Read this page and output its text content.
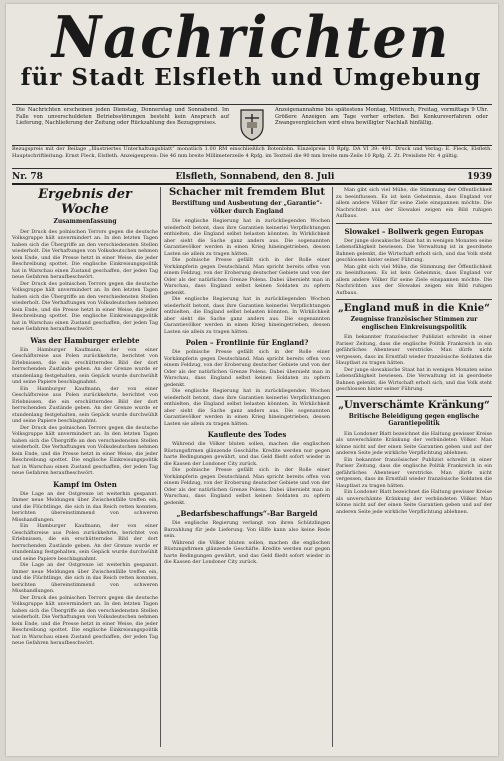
Nachrichten
für Stadt Elsfleth und Umgebung
Die Nachrichten erscheinen jeden Dienstag, Donnerstag und Sonnabend. Im Falle von unverschuldeten Betriebsstörungen besteht kein Anspruch auf Lieferung, Nachlieferung der Zeitung oder Rückzahlung des Bezugspreises.
Anzeigenannahme bis spätestens Montag, Mittwoch, Freitag, vormittags 9 Uhr. Größere Anzeigen am Tage vorher erbeten. Bei Konkursverfahren oder Zwangsvergleichen wird etwa bewilligter Nachlaß hinfällig.
Bezugspreis mit der Beilage „Illustriertes Unterhaltungsblatt“ monatlich 1.00 RM einschließlich Botenlohn. Einzelpreis 10 Rpfg. DA VI 39: 491. Druck und Verlag: E. Fleck, Elsfleth. Hauptschriftleitung: Ernst Fleck, Elsfleth. Anzeigenpreis: Die 46 mm breite Millimeterzeile 4 Rpfg. im Textteil die 90 mm breite mm-Zeile 10 Rpfg. Z. Zt. Preisliste Nr. 4 gültig.
Nr. 78	Elsfleth, Sonnabend, den 8. Juli	1939
Ergebnis der Woche
Zusammenfassung

Der Druck des polnischen Terrors gegen die deutsche Volksgruppe hält unvermindert an. In den letzten Tagen haben sich die Übergriffe an den verschiedensten Stellen wiederholt. Die Verhaftungen von Volksdeutschen nehmen kein Ende, und die Presse hetzt in einer Weise, die jeder Beschreibung spottet. Die englische Einkreisungspolitik hat in Warschau einen Zustand geschaffen, der jeden Tag neue Gefahren heraufbeschwört.

Der Druck des polnischen Terrors gegen die deutsche Volksgruppe hält unvermindert an. In den letzten Tagen haben sich die Übergriffe an den verschiedensten Stellen wiederholt. Die Verhaftungen von Volksdeutschen nehmen kein Ende, und die Presse hetzt in einer Weise, die jeder Beschreibung spottet. Die englische Einkreisungspolitik hat in Warschau einen Zustand geschaffen, der jeden Tag neue Gefahren heraufbeschwört.

Was der Hamburger erlebte

Ein Hamburger Kaufmann, der von einer Geschäftsreise aus Polen zurückkehrte, berichtet von Erlebnissen, die ein erschütterndes Bild der dort herrschenden Zustände geben. An der Grenze wurde er stundenlang festgehalten, sein Gepäck wurde durchwühlt und seine Papiere beschlagnahmt.

Ein Hamburger Kaufmann, der von einer Geschäftsreise aus Polen zurückkehrte, berichtet von Erlebnissen, die ein erschütterndes Bild der dort herrschenden Zustände geben. An der Grenze wurde er stundenlang festgehalten, sein Gepäck wurde durchwühlt und seine Papiere beschlagnahmt.

Der Druck des polnischen Terrors gegen die deutsche Volksgruppe hält unvermindert an. In den letzten Tagen haben sich die Übergriffe an den verschiedensten Stellen wiederholt. Die Verhaftungen von Volksdeutschen nehmen kein Ende, und die Presse hetzt in einer Weise, die jeder Beschreibung spottet. Die englische Einkreisungspolitik hat in Warschau einen Zustand geschaffen, der jeden Tag neue Gefahren heraufbeschwört.

Kampf im Osten

Die Lage an der Ostgrenze ist weiterhin gespannt. Immer neue Meldungen über Zwischenfälle treffen ein, und die Flüchtlinge, die sich in das Reich retten konnten, berichten übereinstimmend von schweren Misshandlungen.

Ein Hamburger Kaufmann, der von einer Geschäftsreise aus Polen zurückkehrte, berichtet von Erlebnissen, die ein erschütterndes Bild der dort herrschenden Zustände geben. An der Grenze wurde er stundenlang festgehalten, sein Gepäck wurde durchwühlt und seine Papiere beschlagnahmt.

Die Lage an der Ostgrenze ist weiterhin gespannt. Immer neue Meldungen über Zwischenfälle treffen ein, und die Flüchtlinge, die sich in das Reich retten konnten, berichten übereinstimmend von schweren Misshandlungen.

Der Druck des polnischen Terrors gegen die deutsche Volksgruppe hält unvermindert an. In den letzten Tagen haben sich die Übergriffe an den verschiedensten Stellen wiederholt. Die Verhaftungen von Volksdeutschen nehmen kein Ende, und die Presse hetzt in einer Weise, die jeder Beschreibung spottet. Die englische Einkreisungspolitik hat in Warschau einen Zustand geschaffen, der jeden Tag neue Gefahren heraufbeschwört.

Schacher mit fremdem Blut
Berstiftung und Ausbeutung der „Garantie“-völker durch England

Die englische Regierung hat in zurückliegenden Wochen wiederholt betont, dass ihre Garantien keinerlei Verpflichtungen enthielten, die England selbst belasten könnten. In Wirklichkeit aber sieht die Sache ganz anders aus. Die sogenannten Garantievölker werden in einen Krieg hineingetrieben, dessen Lasten sie allein zu tragen hätten.

Die polnische Presse gefällt sich in der Rolle einer Vorkämpferin gegen Deutschland. Man spricht bereits offen von einem Feldzug, von der Eroberung deutscher Gebiete und von der Oder als der natürlichen Grenze Polens. Dabei übersieht man in Warschau, dass England selbst keinen Soldaten zu opfern gedenkt.

Die englische Regierung hat in zurückliegenden Wochen wiederholt betont, dass ihre Garantien keinerlei Verpflichtungen enthielten, die England selbst belasten könnten. In Wirklichkeit aber sieht die Sache ganz anders aus. Die sogenannten Garantievölker werden in einen Krieg hineingetrieben, dessen Lasten sie allein zu tragen hätten.

Polen – Frontlinie für England?

Die polnische Presse gefällt sich in der Rolle einer Vorkämpferin gegen Deutschland. Man spricht bereits offen von einem Feldzug, von der Eroberung deutscher Gebiete und von der Oder als der natürlichen Grenze Polens. Dabei übersieht man in Warschau, dass England selbst keinen Soldaten zu opfern gedenkt.

Die englische Regierung hat in zurückliegenden Wochen wiederholt betont, dass ihre Garantien keinerlei Verpflichtungen enthielten, die England selbst belasten könnten. In Wirklichkeit aber sieht die Sache ganz anders aus. Die sogenannten Garantievölker werden in einen Krieg hineingetrieben, dessen Lasten sie allein zu tragen hätten.

Kaufleute des Todes

Während die Völker bluten sollen, machen die englischen Rüstungsfirmen glänzende Geschäfte. Kredite werden nur gegen harte Bedingungen gewährt, und das Geld fließt sofort wieder in die Kassen der Londoner City zurück.

Die polnische Presse gefällt sich in der Rolle einer Vorkämpferin gegen Deutschland. Man spricht bereits offen von einem Feldzug, von der Eroberung deutscher Gebiete und von der Oder als der natürlichen Grenze Polens. Dabei übersieht man in Warschau, dass England selbst keinen Soldaten zu opfern gedenkt.

„Bedarfsbeschaffungs“-Bar Bargeld

Die englische Regierung verlangt von ihren Schützlingen Barzahlung für jede Lieferung. Von Hilfe kann also keine Rede sein.

Während die Völker bluten sollen, machen die englischen Rüstungsfirmen glänzende Geschäfte. Kredite werden nur gegen harte Bedingungen gewährt, und das Geld fließt sofort wieder in die Kassen der Londoner City zurück.

Man gibt sich viel Mühe, die Stimmung der Öffentlichkeit zu beeinflussen. Es ist kein Geheimnis, dass England vor allem andere Völker für seine Ziele einspannen möchte. Die Nachrichten aus der Slowakei zeigen ein Bild ruhigen Aufbaus.

Slowakei – Bollwerk gegen Europas

Der junge slowakische Staat hat in wenigen Monaten seine Lebensfähigkeit bewiesen. Die Verwaltung ist in geordnete Bahnen gelenkt, die Wirtschaft erholt sich, und das Volk steht geschlossen hinter seiner Führung.

Man gibt sich viel Mühe, die Stimmung der Öffentlichkeit zu beeinflussen. Es ist kein Geheimnis, dass England vor allem andere Völker für seine Ziele einspannen möchte. Die Nachrichten aus der Slowakei zeigen ein Bild ruhigen Aufbaus.

„England muß in die Knie“
Zeugnisse französischer Stimmen zur englischen Einkreisungspolitik

Ein bekannter französischer Publizist schreibt in einer Pariser Zeitung, dass die englische Politik Frankreich in ein gefährliches Abenteuer verstricke. Man dürfe nicht vergessen, dass im Ernstfall wieder französische Soldaten die Hauptlast zu tragen hätten.

Der junge slowakische Staat hat in wenigen Monaten seine Lebensfähigkeit bewiesen. Die Verwaltung ist in geordnete Bahnen gelenkt, die Wirtschaft erholt sich, und das Volk steht geschlossen hinter seiner Führung.

„Unverschämte Kränkung“
Britische Beleidigung gegen englische Garantiepolitik

Ein Londoner Blatt bezeichnet die Haltung gewisser Kreise als unverschämte Kränkung der verbündeten Völker. Man könne nicht auf der einen Seite Garantien geben und auf der anderen Seite jede wirkliche Verpflichtung ablehnen.

Ein bekannter französischer Publizist schreibt in einer Pariser Zeitung, dass die englische Politik Frankreich in ein gefährliches Abenteuer verstricke. Man dürfe nicht vergessen, dass im Ernstfall wieder französische Soldaten die Hauptlast zu tragen hätten.

Ein Londoner Blatt bezeichnet die Haltung gewisser Kreise als unverschämte Kränkung der verbündeten Völker. Man könne nicht auf der einen Seite Garantien geben und auf der anderen Seite jede wirkliche Verpflichtung ablehnen.
